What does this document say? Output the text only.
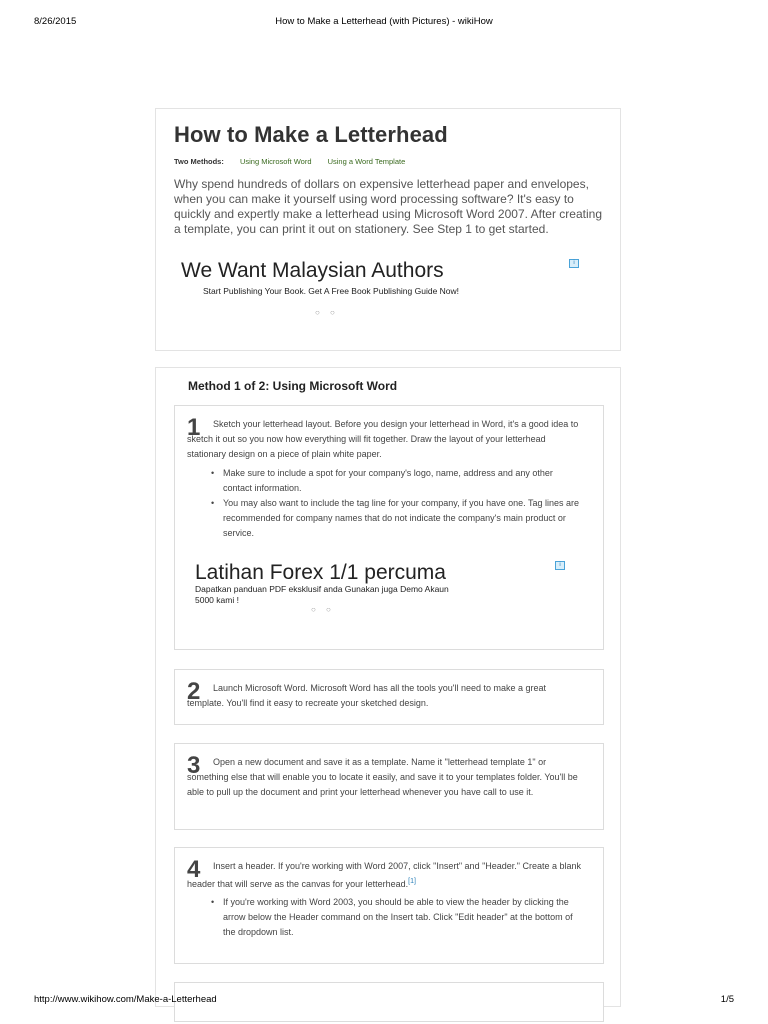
8/26/2015	How to Make a Letterhead (with Pictures) - wikiHow
How to Make a Letterhead
Two Methods: Using Microsoft Word Using a Word Template
Why spend hundreds of dollars on expensive letterhead paper and envelopes, when you can make it yourself using word processing software? It's easy to quickly and expertly make a letterhead using Microsoft Word 2007. After creating a template, you can print it out on stationery. See Step 1 to get started.
We Want Malaysian Authors
Start Publishing Your Book. Get A Free Book Publishing Guide Now!
i
○ ○
Method 1 of 2: Using Microsoft Word
1	Sketch your letterhead layout. Before you design your letterhead in Word, it's a good idea to sketch it out so you now how everything will fit together. Draw the layout of your letterhead stationary design on a piece of plain white paper.
• Make sure to include a spot for your company's logo, name, address and any other contact information.
• You may also want to include the tag line for your company, if you have one. Tag lines are recommended for company names that do not indicate the company's main product or service.
Latihan Forex 1/1 percuma
Dapatkan panduan PDF eksklusif anda Gunakan juga Demo Akaun 5000 kami !
i
○ ○
2	Launch Microsoft Word. Microsoft Word has all the tools you'll need to make a great template. You'll find it easy to recreate your sketched design.
3	Open a new document and save it as a template. Name it "letterhead template 1" or something else that will enable you to locate it easily, and save it to your templates folder. You'll be able to pull up the document and print your letterhead whenever you have call to use it.
4	Insert a header. If you're working with Word 2007, click "Insert" and "Header." Create a blank header that will serve as the canvas for your letterhead.[1]
• If you're working with Word 2003, you should be able to view the header by clicking the arrow below the Header command on the Insert tab. Click "Edit header" at the bottom of the dropdown list.
http://www.wikihow.com/Make-a-Letterhead	1/5
